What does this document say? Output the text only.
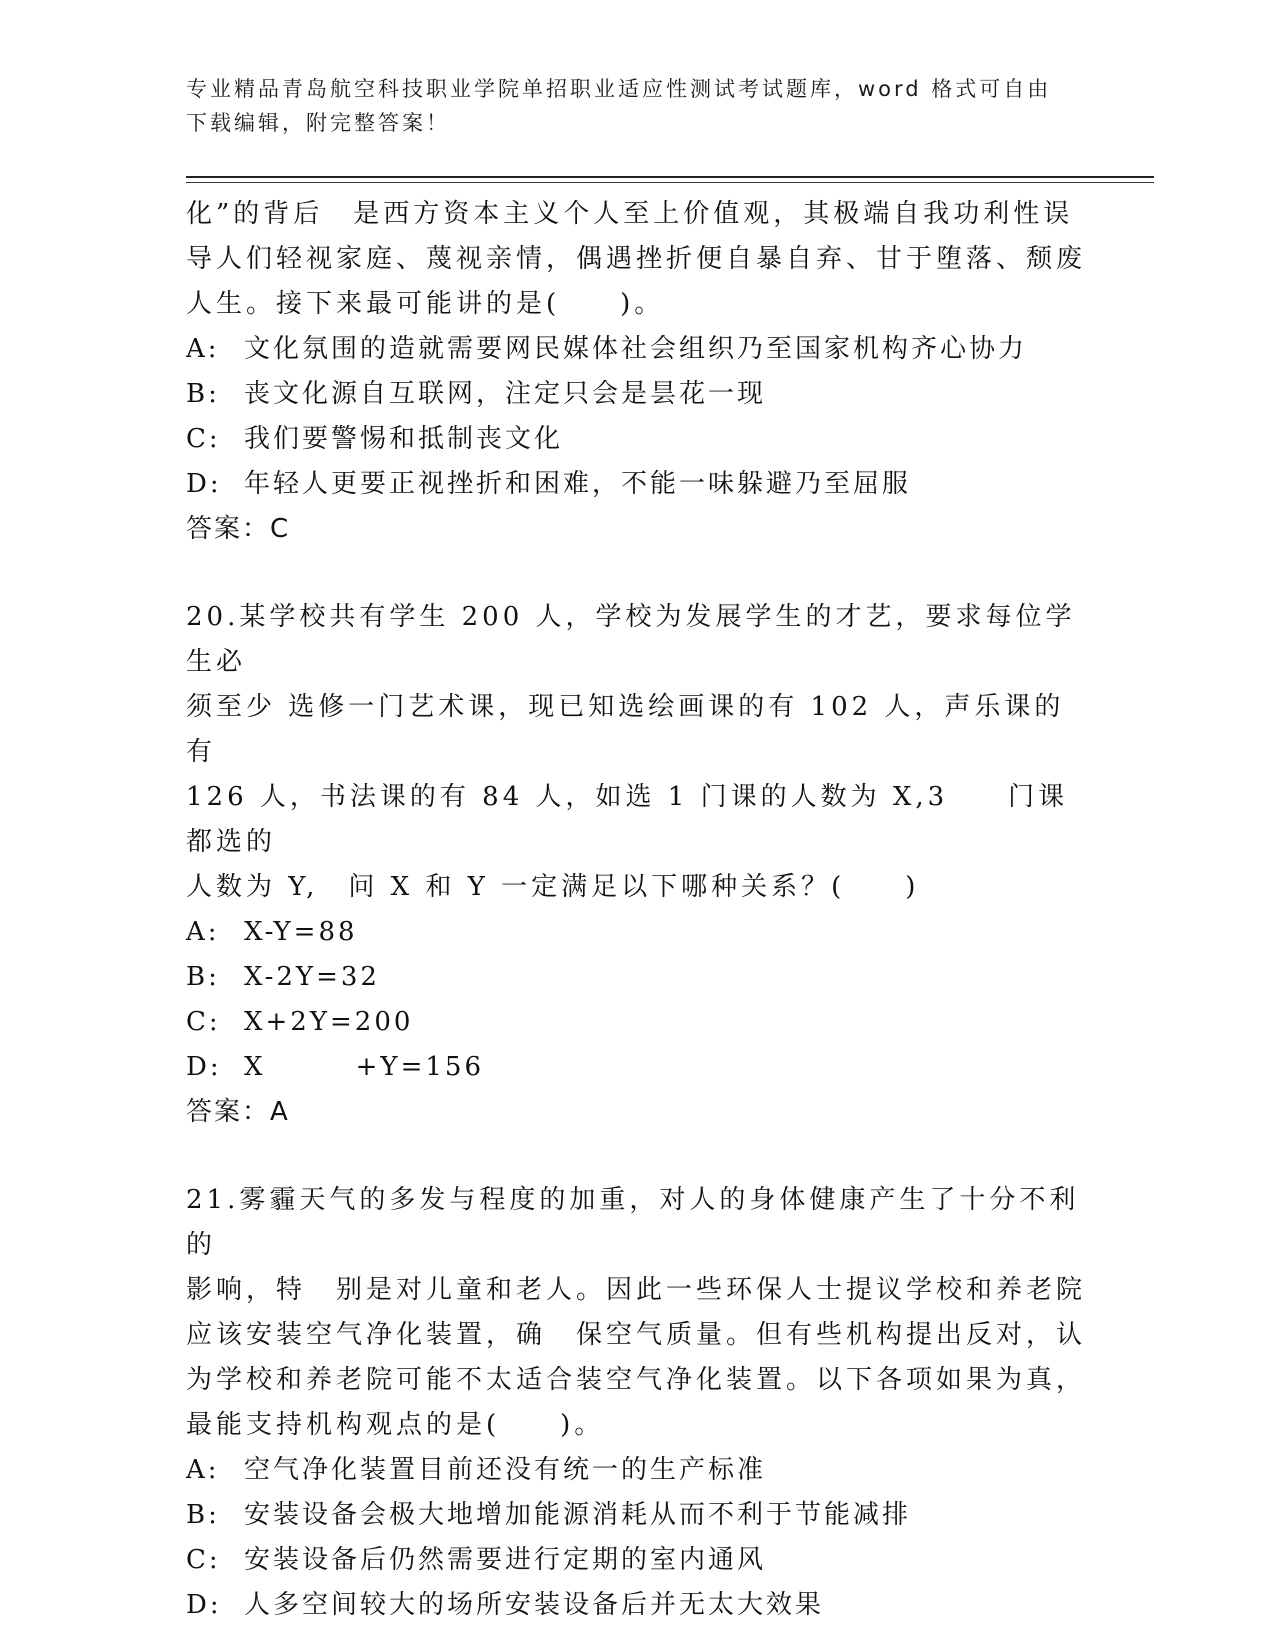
专业精品青岛航空科技职业学院单招职业适应性测试考试题库，word 格式可自由
下载编辑，附完整答案！

化”的背后　是西方资本主义个人至上价值观，其极端自我功利性误
导人们轻视家庭、蔑视亲情，偶遇挫折便自暴自弃、甘于堕落、颓废
人生。接下来最可能讲的是(　　)。

A: 文化氛围的造就需要网民媒体社会组织乃至国家机构齐心协力
B: 丧文化源自互联网，注定只会是昙花一现
C: 我们要警惕和抵制丧文化
D: 年轻人更要正视挫折和困难，不能一味躲避乃至屈服

答案：C

20.某学校共有学生 200 人，学校为发展学生的才艺，要求每位学生必
须至少 选修一门艺术课，现已知选绘画课的有 102 人，声乐课的有
126 人，书法课的有 84 人，如选 1 门课的人数为 X,3　　门课都选的
人数为 Y,　问 X 和 Y 一定满足以下哪种关系？(　　)

A: X-Y=88
B: X-2Y=32
C: X+2Y=200
D: X        +Y=156

答案：A

21.雾霾天气的多发与程度的加重，对人的身体健康产生了十分不利的
影响，特　别是对儿童和老人。因此一些环保人士提议学校和养老院
应该安装空气净化装置，确　保空气质量。但有些机构提出反对，认
为学校和养老院可能不太适合装空气净化装置。以下各项如果为真，
最能支持机构观点的是(　　)。

A: 空气净化装置目前还没有统一的生产标准
B: 安装设备会极大地增加能源消耗从而不利于节能减排
C: 安装设备后仍然需要进行定期的室内通风
D: 人多空间较大的场所安装设备后并无太大效果
